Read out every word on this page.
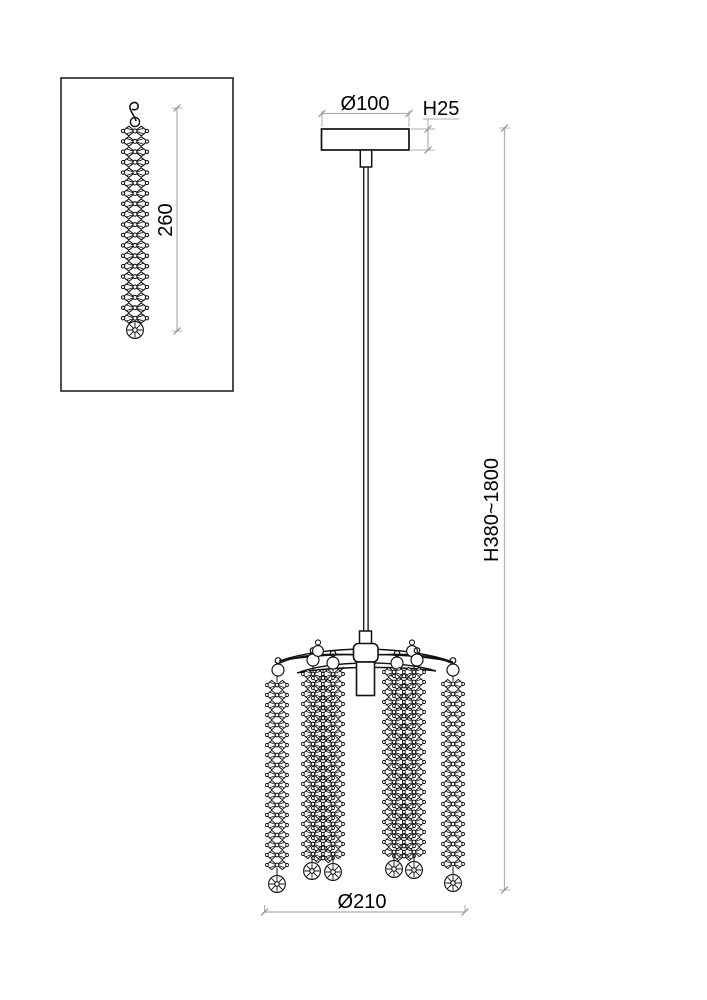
260
Ø100 H25
H380~1800
Ø210
